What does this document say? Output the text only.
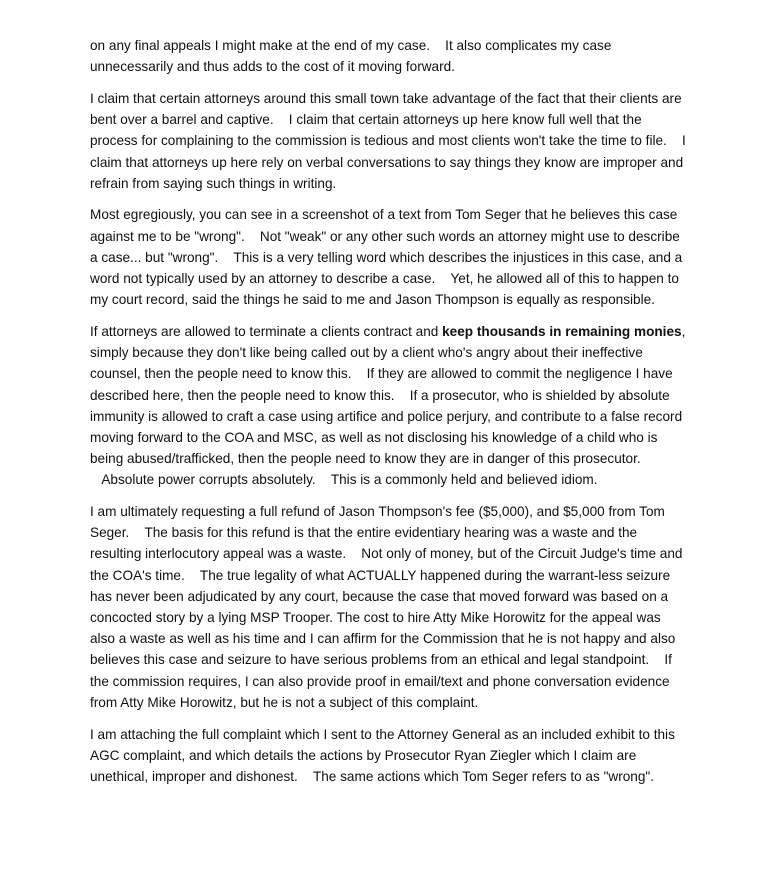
on any final appeals I might make at the end of my case. It also complicates my case unnecessarily and thus adds to the cost of it moving forward.

I claim that certain attorneys around this small town take advantage of the fact that their clients are bent over a barrel and captive. I claim that certain attorneys up here know full well that the process for complaining to the commission is tedious and most clients won't take the time to file. I claim that attorneys up here rely on verbal conversations to say things they know are improper and refrain from saying such things in writing.

Most egregiously, you can see in a screenshot of a text from Tom Seger that he believes this case against me to be "wrong". Not "weak" or any other such words an attorney might use to describe a case... but "wrong". This is a very telling word which describes the injustices in this case, and a word not typically used by an attorney to describe a case. Yet, he allowed all of this to happen to my court record, said the things he said to me and Jason Thompson is equally as responsible.

If attorneys are allowed to terminate a clients contract and keep thousands in remaining monies, simply because they don't like being called out by a client who's angry about their ineffective counsel, then the people need to know this. If they are allowed to commit the negligence I have described here, then the people need to know this. If a prosecutor, who is shielded by absolute immunity is allowed to craft a case using artifice and police perjury, and contribute to a false record moving forward to the COA and MSC, as well as not disclosing his knowledge of a child who is being abused/trafficked, then the people need to know they are in danger of this prosecutor. Absolute power corrupts absolutely. This is a commonly held and believed idiom.

I am ultimately requesting a full refund of Jason Thompson's fee ($5,000), and $5,000 from Tom Seger. The basis for this refund is that the entire evidentiary hearing was a waste and the resulting interlocutory appeal was a waste. Not only of money, but of the Circuit Judge's time and the COA's time. The true legality of what ACTUALLY happened during the warrant-less seizure has never been adjudicated by any court, because the case that moved forward was based on a concocted story by a lying MSP Trooper. The cost to hire Atty Mike Horowitz for the appeal was also a waste as well as his time and I can affirm for the Commission that he is not happy and also believes this case and seizure to have serious problems from an ethical and legal standpoint. If the commission requires, I can also provide proof in email/text and phone conversation evidence from Atty Mike Horowitz, but he is not a subject of this complaint.

I am attaching the full complaint which I sent to the Attorney General as an included exhibit to this AGC complaint, and which details the actions by Prosecutor Ryan Ziegler which I claim are unethical, improper and dishonest. The same actions which Tom Seger refers to as "wrong".
